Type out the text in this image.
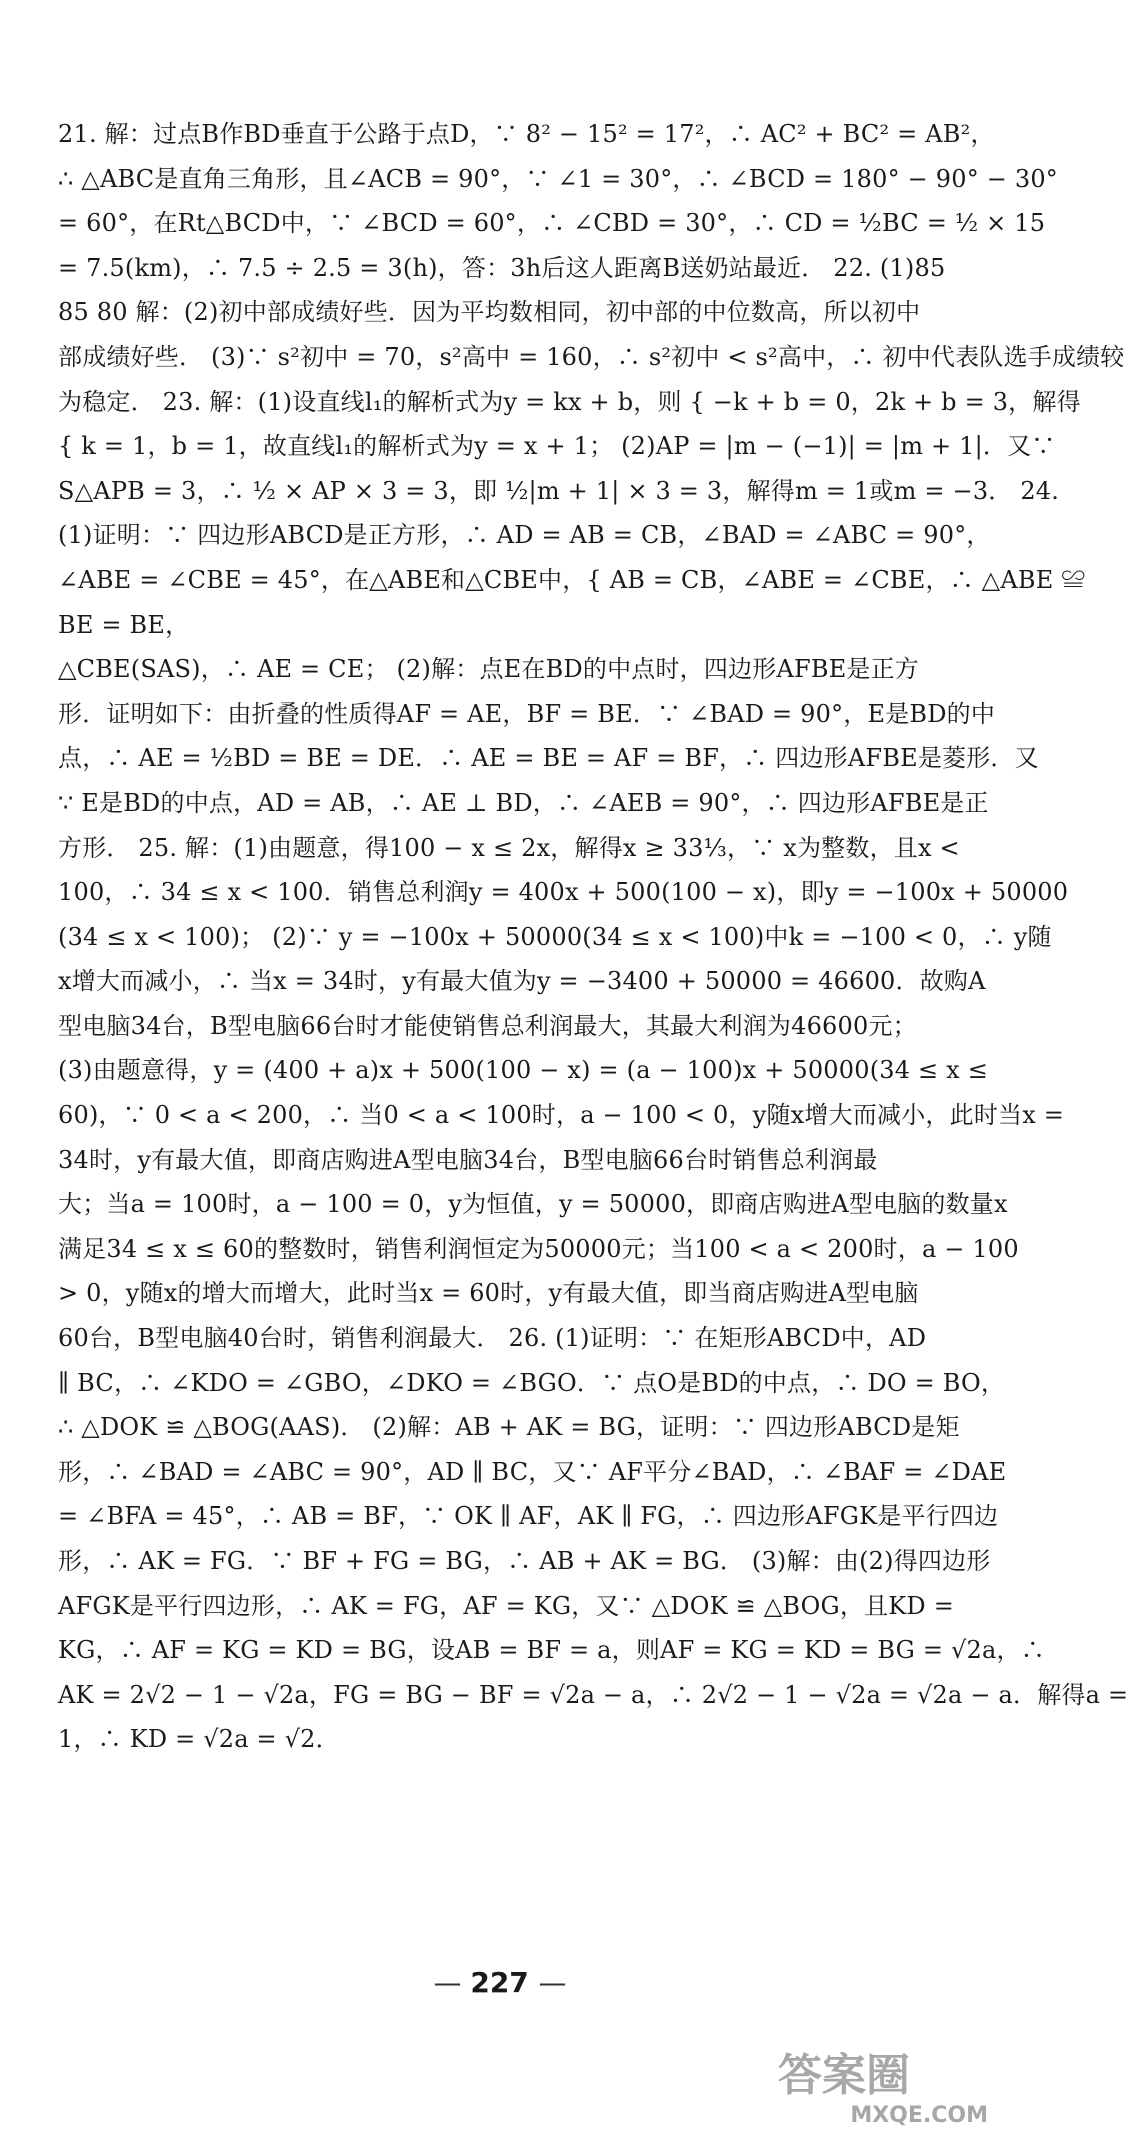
21. 解：过点B作BD垂直于公路于点D，∵ 8² − 15² = 17²，∴ AC² + BC² = AB²，
∴ △ABC是直角三角形，且∠ACB = 90°，∵ ∠1 = 30°，∴ ∠BCD = 180° − 90° − 30°
= 60°，在Rt△BCD中，∵ ∠BCD = 60°，∴ ∠CBD = 30°，∴ CD = ½BC = ½ × 15
= 7.5(km)，∴ 7.5 ÷ 2.5 = 3(h)，答：3h后这人距离B送奶站最近． 22. (1)85
85 80 解：(2)初中部成绩好些．因为平均数相同，初中部的中位数高，所以初中
部成绩好些． (3)∵ s²初中 = 70，s²高中 = 160，∴ s²初中 < s²高中，∴ 初中代表队选手成绩较
为稳定． 23. 解：(1)设直线l₁的解析式为y = kx + b，则 { −k + b = 0，2k + b = 3，解得
{ k = 1，b = 1，故直线l₁的解析式为y = x + 1； (2)AP = |m − (−1)| = |m + 1|．又∵
S△APB = 3，∴ ½ × AP × 3 = 3，即 ½|m + 1| × 3 = 3，解得m = 1或m = −3． 24.
(1)证明：∵ 四边形ABCD是正方形，∴ AD = AB = CB，∠BAD = ∠ABC = 90°，
∠ABE = ∠CBE = 45°，在△ABE和△CBE中，{ AB = CB，∠ABE = ∠CBE，∴ △ABE ≌
BE = BE，
△CBE(SAS)，∴ AE = CE； (2)解：点E在BD的中点时，四边形AFBE是正方
形．证明如下：由折叠的性质得AF = AE，BF = BE．∵ ∠BAD = 90°，E是BD的中
点，∴ AE = ½BD = BE = DE．∴ AE = BE = AF = BF，∴ 四边形AFBE是菱形．又
∵ E是BD的中点，AD = AB，∴ AE ⊥ BD，∴ ∠AEB = 90°，∴ 四边形AFBE是正
方形． 25. 解：(1)由题意，得100 − x ≤ 2x，解得x ≥ 33⅓，∵ x为整数，且x <
100，∴ 34 ≤ x < 100．销售总利润y = 400x + 500(100 − x)，即y = −100x + 50000
(34 ≤ x < 100)； (2)∵ y = −100x + 50000(34 ≤ x < 100)中k = −100 < 0，∴ y随
x增大而减小，∴ 当x = 34时，y有最大值为y = −3400 + 50000 = 46600．故购A
型电脑34台，B型电脑66台时才能使销售总利润最大，其最大利润为46600元；
(3)由题意得，y = (400 + a)x + 500(100 − x) = (a − 100)x + 50000(34 ≤ x ≤
60)，∵ 0 < a < 200，∴ 当0 < a < 100时，a − 100 < 0，y随x增大而减小，此时当x =
34时，y有最大值，即商店购进A型电脑34台，B型电脑66台时销售总利润最
大；当a = 100时，a − 100 = 0，y为恒值，y = 50000，即商店购进A型电脑的数量x
满足34 ≤ x ≤ 60的整数时，销售利润恒定为50000元；当100 < a < 200时，a − 100
> 0，y随x的增大而增大，此时当x = 60时，y有最大值，即当商店购进A型电脑
60台，B型电脑40台时，销售利润最大． 26. (1)证明：∵ 在矩形ABCD中，AD
∥ BC，∴ ∠KDO = ∠GBO，∠DKO = ∠BGO．∵ 点O是BD的中点，∴ DO = BO，
∴ △DOK ≌ △BOG(AAS)． (2)解：AB + AK = BG，证明：∵ 四边形ABCD是矩
形，∴ ∠BAD = ∠ABC = 90°，AD ∥ BC，又∵ AF平分∠BAD，∴ ∠BAF = ∠DAE
= ∠BFA = 45°，∴ AB = BF，∵ OK ∥ AF，AK ∥ FG，∴ 四边形AFGK是平行四边
形，∴ AK = FG．∵ BF + FG = BG，∴ AB + AK = BG． (3)解：由(2)得四边形
AFGK是平行四边形，∴ AK = FG，AF = KG，又∵ △DOK ≌ △BOG，且KD =
KG，∴ AF = KG = KD = BG，设AB = BF = a，则AF = KG = KD = BG = √2a，∴
AK = 2√2 − 1 − √2a，FG = BG − BF = √2a − a，∴ 2√2 − 1 − √2a = √2a − a．解得a =
1，∴ KD = √2a = √2．
— 227 —
答案圈
MXQE.COM
